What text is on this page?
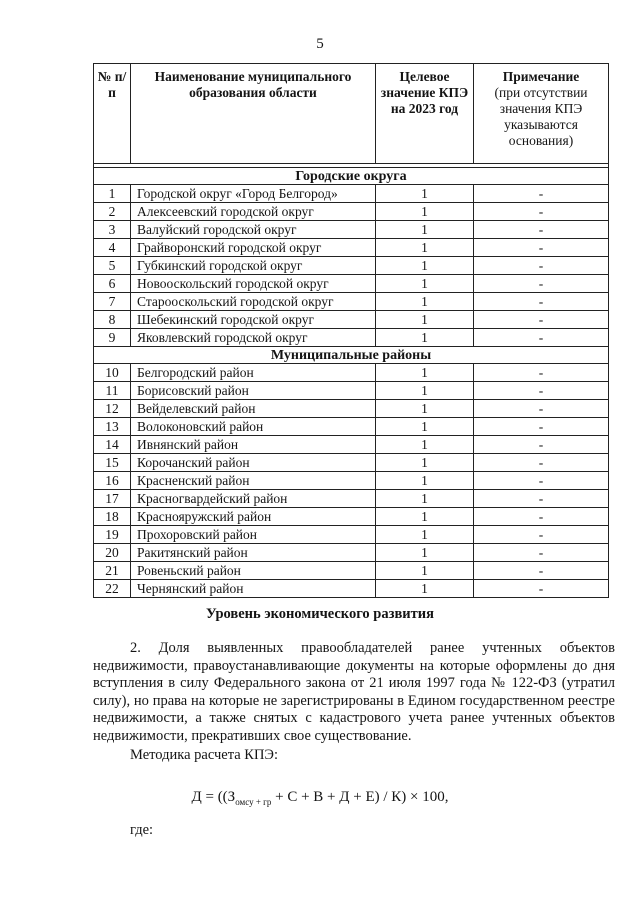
5
№ п/п	Наименование муниципального образования области	Целевое значение КПЭ на 2023 год	Примечание
(при отсутствии значения КПЭ указываются основания)

Городские округа			
1	Городской округ «Город Белгород»	1	-
2	Алексеевский городской округ	1	-
3	Валуйский городской округ	1	-
4	Грайворонский городской округ	1	-
5	Губкинский городской округ	1	-
6	Новооскольский городской округ	1	-
7	Старооскольский городской округ	1	-
8	Шебекинский городской округ	1	-
9	Яковлевский городской округ	1	-
Муниципальные районы			
10	Белгородский район	1	-
11	Борисовский район	1	-
12	Вейделевский район	1	-
13	Волоконовский район	1	-
14	Ивнянский район	1	-
15	Корочанский район	1	-
16	Красненский район	1	-
17	Красногвардейский район	1	-
18	Краснояружский район	1	-
19	Прохоровский район	1	-
20	Ракитянский район	1	-
21	Ровеньский район	1	-
22	Чернянский район	1	-
Уровень экономического развития
2. Доля выявленных правообладателей ранее учтенных объектов недвижимости, правоустанавливающие документы на которые оформлены до дня вступления в силу Федерального закона от 21 июля 1997 года № 122-ФЗ (утратил силу), но права на которые не зарегистрированы в Едином государственном реестре недвижимости, а также снятых с кадастрового учета ранее учтенных объектов недвижимости, прекративших свое существование.
Методика расчета КПЭ:
$Д = ((З_{омсу + гр} + С + В + Д + Е) / К) \times 100$,
где:
